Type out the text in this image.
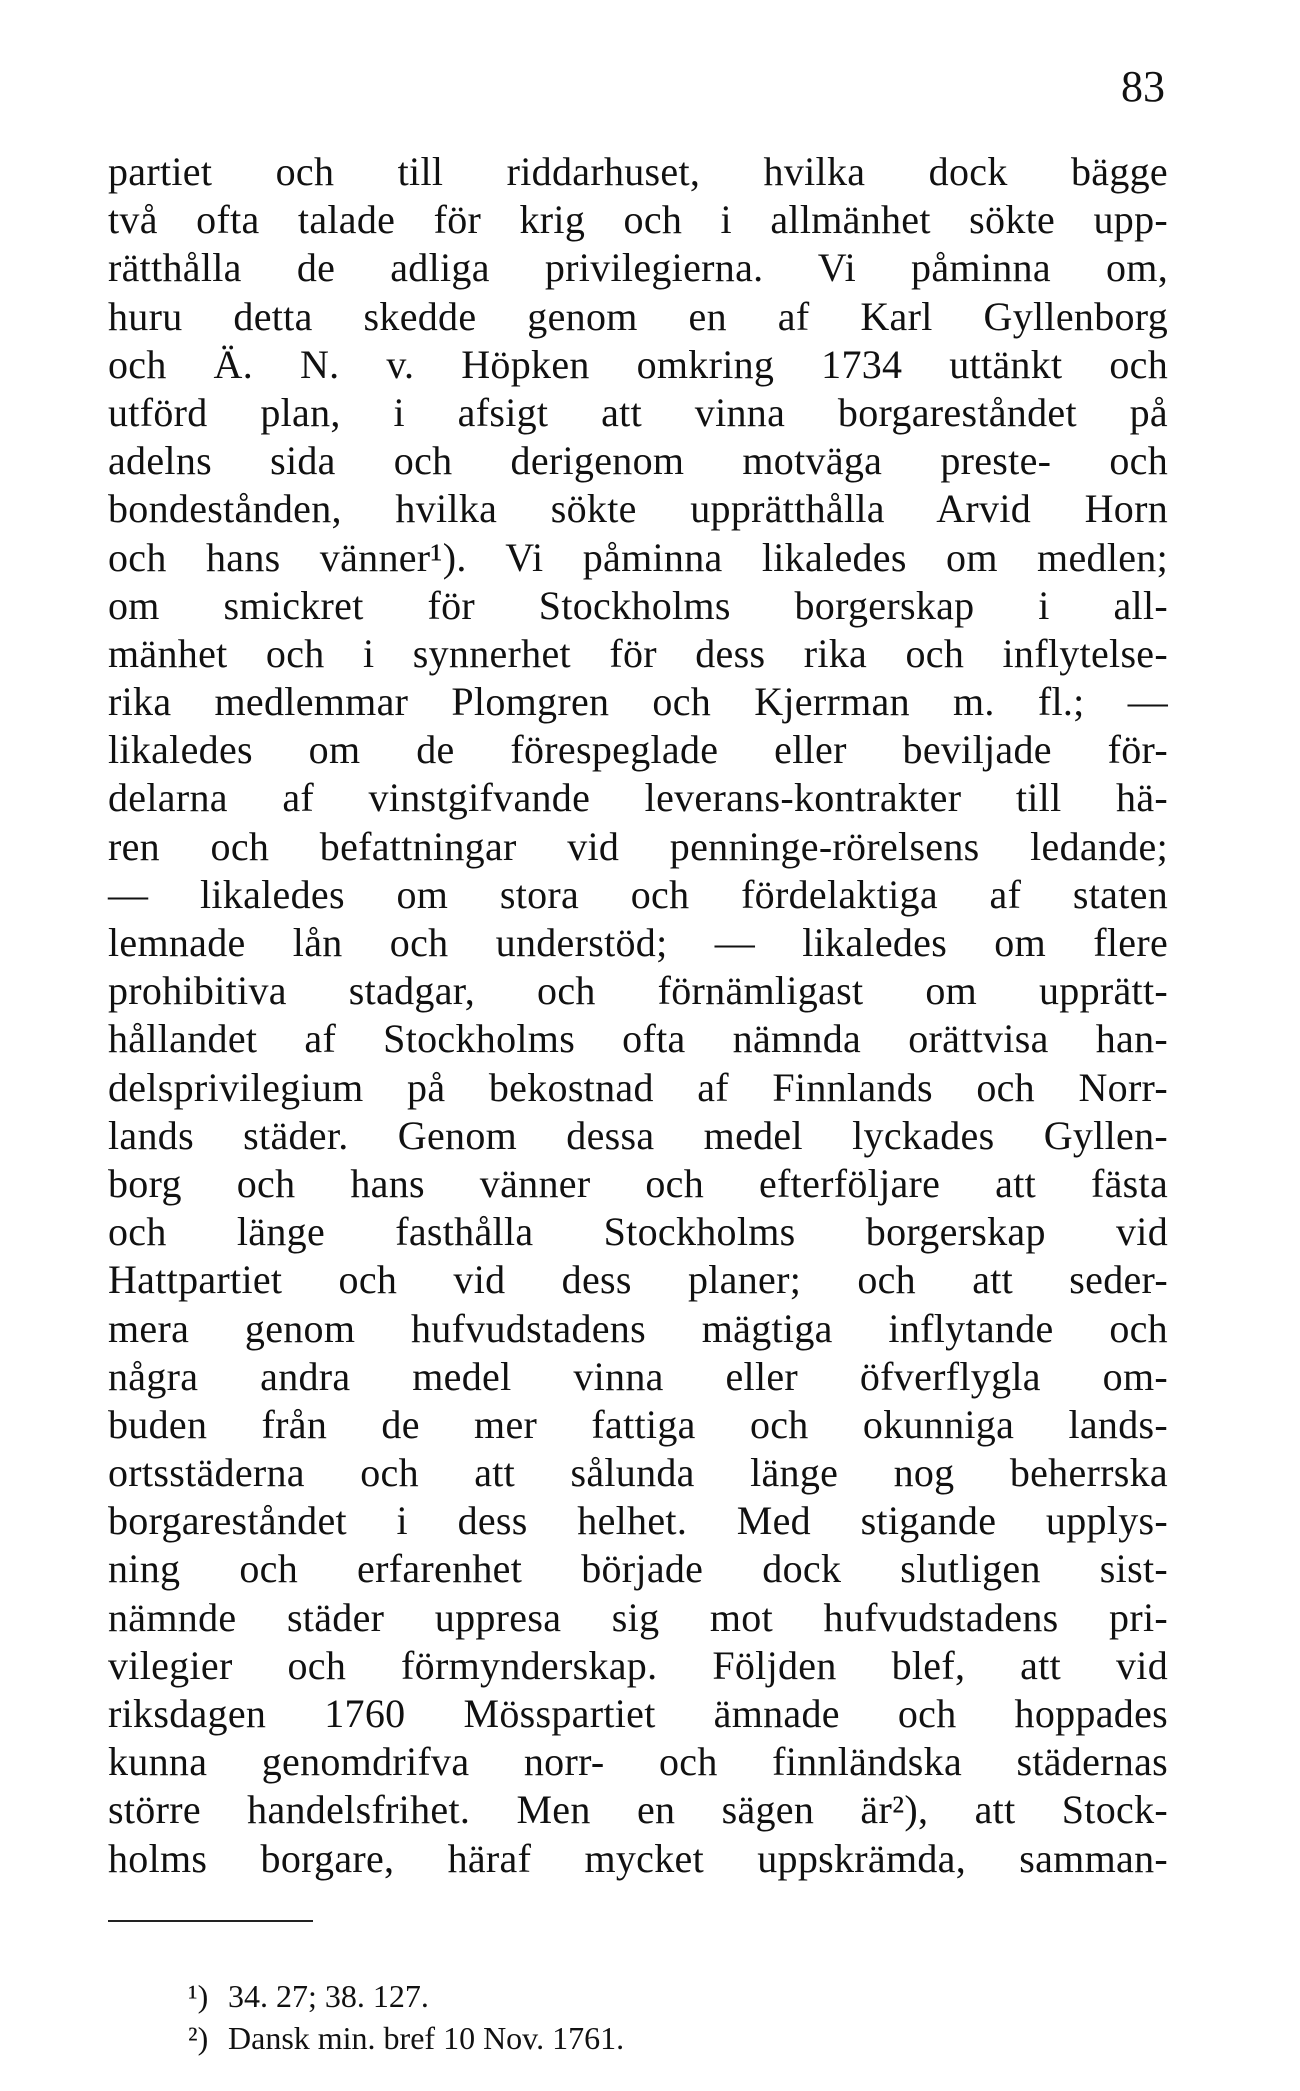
83
partiet och till riddarhuset, hvilka dock bägge
två ofta talade för krig och i allmänhet sökte upp-
rätthålla de adliga privilegierna. Vi påminna om,
huru detta skedde genom en af Karl Gyllenborg
och Ä. N. v. Höpken omkring 1734 uttänkt och
utförd plan, i afsigt att vinna borgareståndet på
adelns sida och derigenom motväga preste- och
bondestånden, hvilka sökte upprätthålla Arvid Horn
och hans vänner¹). Vi påminna likaledes om medlen;
om smickret för Stockholms borgerskap i all-
mänhet och i synnerhet för dess rika och inflytelse-
rika medlemmar Plomgren och Kjerrman m. fl.; —
likaledes om de förespeglade eller beviljade för-
delarna af vinstgifvande leverans-kontrakter till hä-
ren och befattningar vid penninge-rörelsens ledande;
— likaledes om stora och fördelaktiga af staten
lemnade lån och understöd; — likaledes om flere
prohibitiva stadgar, och förnämligast om upprätt-
hållandet af Stockholms ofta nämnda orättvisa han-
delsprivilegium på bekostnad af Finnlands och Norr-
lands städer. Genom dessa medel lyckades Gyllen-
borg och hans vänner och efterföljare att fästa
och länge fasthålla Stockholms borgerskap vid
Hattpartiet och vid dess planer; och att seder-
mera genom hufvudstadens mägtiga inflytande och
några andra medel vinna eller öfverflygla om-
buden från de mer fattiga och okunniga lands-
ortsstäderna och att sålunda länge nog beherrska
borgareståndet i dess helhet. Med stigande upplys-
ning och erfarenhet började dock slutligen sist-
nämnde städer uppresa sig mot hufvudstadens pri-
vilegier och förmynderskap. Följden blef, att vid
riksdagen 1760 Mösspartiet ämnade och hoppades
kunna genomdrifva norr- och finnländska städernas
större handelsfrihet. Men en sägen är²), att Stock-
holms borgare, häraf mycket uppskrämda, samman-
¹) 34. 27; 38. 127.
²) Dansk min. bref 10 Nov. 1761.
